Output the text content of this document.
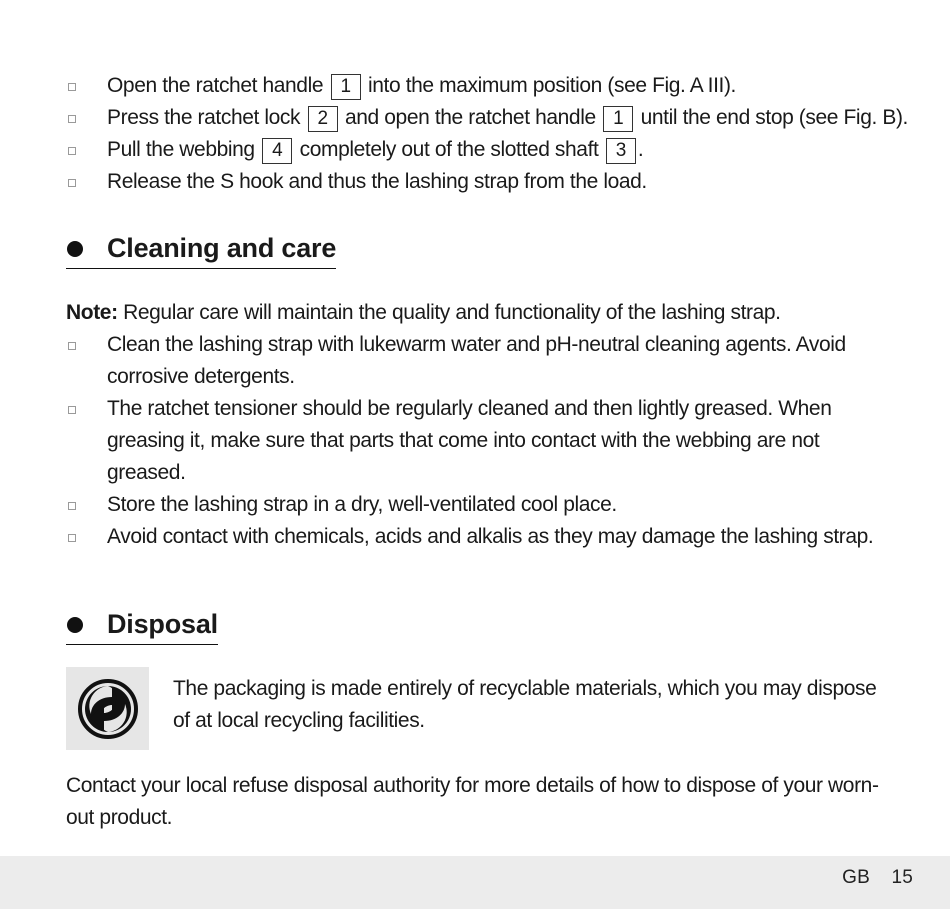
Open the ratchet handle 1 into the maximum position (see Fig. A III).
Press the ratchet lock 2 and open the ratchet handle 1 until the end stop (see Fig. B).
Pull the webbing 4 completely out of the slotted shaft 3 .
Release the S hook and thus the lashing strap from the load.
Cleaning and care
Note: Regular care will maintain the quality and functionality of the lashing strap.
Clean the lashing strap with lukewarm water and pH-neutral cleaning agents. Avoid corrosive detergents.
The ratchet tensioner should be regularly cleaned and then lightly greased. When greasing it, make sure that parts that come into contact with the webbing are not greased.
Store the lashing strap in a dry, well-ventilated cool place.
Avoid contact with chemicals, acids and alkalis as they may damage the lashing strap.
Disposal
The packaging is made entirely of recyclable materials, which you may dispose of at local recycling facilities.
Contact your local refuse disposal authority for more details of how to dispose of your worn-out product.
GB 15
